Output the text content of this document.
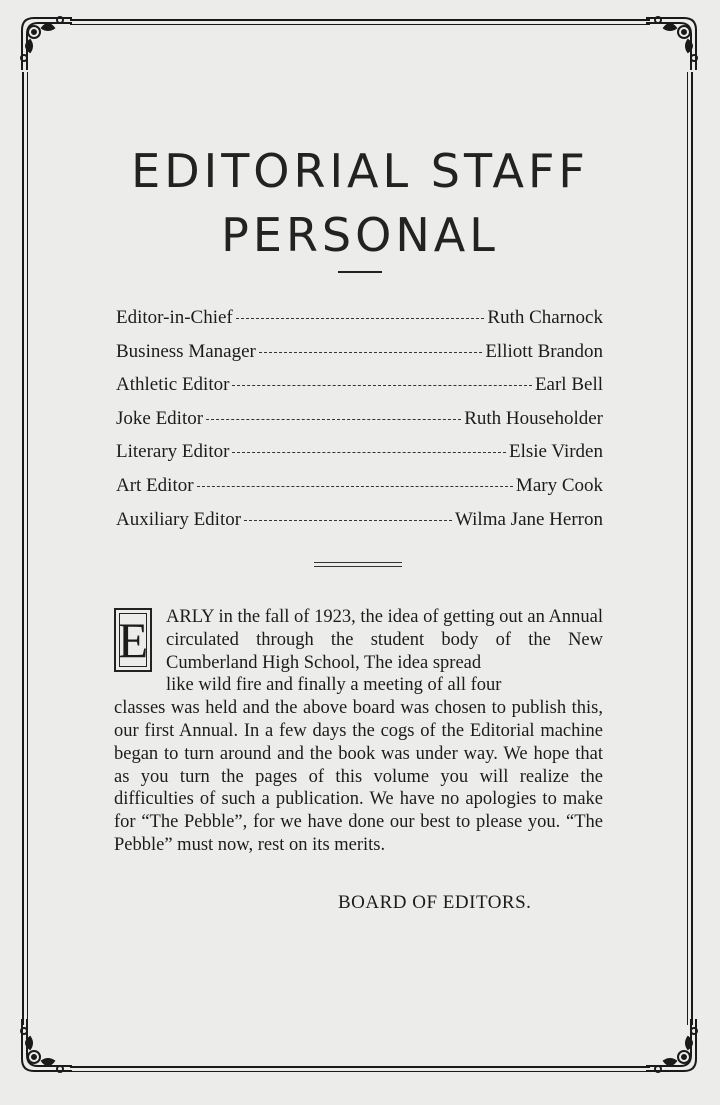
EDITORIAL STAFF
PERSONAL
Editor-in-Chief	Ruth Charnock
Business Manager	Elliott Brandon
Athletic Editor	Earl Bell
Joke Editor	Ruth Householder
Literary Editor	Elsie Virden
Art Editor	Mary Cook
Auxiliary Editor	Wilma Jane Herron
E ARLY in the fall of 1923, the idea of getting out an Annual circulated through the student body of the New Cumberland High School, The idea spread
like wild fire and finally a meeting of all four
classes was held and the above board was chosen to publish this, our first Annual. In a few days the cogs of the Editorial machine began to turn around and the book was under way. We hope that as you turn the pages of this volume you will realize the difficulties of such a publication. We have no apologies to make for “The Pebble”, for we have done our best to please you. “The Pebble” must now, rest on its merits.

BOARD OF EDITORS.
